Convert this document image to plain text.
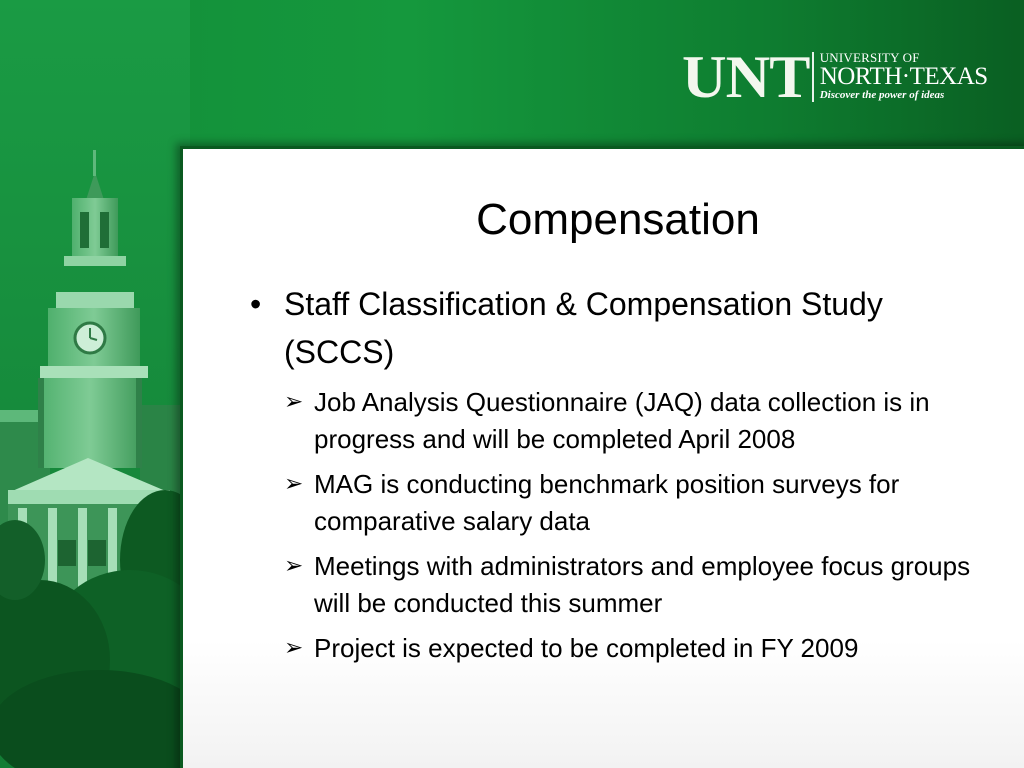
UNT UNIVERSITY OF
NORTH·TEXAS
Discover the power of ideas
Compensation
• Staff Classification & Compensation Study (SCCS)
➢ Job Analysis Questionnaire (JAQ) data collection is in progress and will be completed April 2008
➢ MAG is conducting benchmark position surveys for comparative salary data
➢ Meetings with administrators and employee focus groups will be conducted this summer
➢ Project is expected to be completed in FY 2009
